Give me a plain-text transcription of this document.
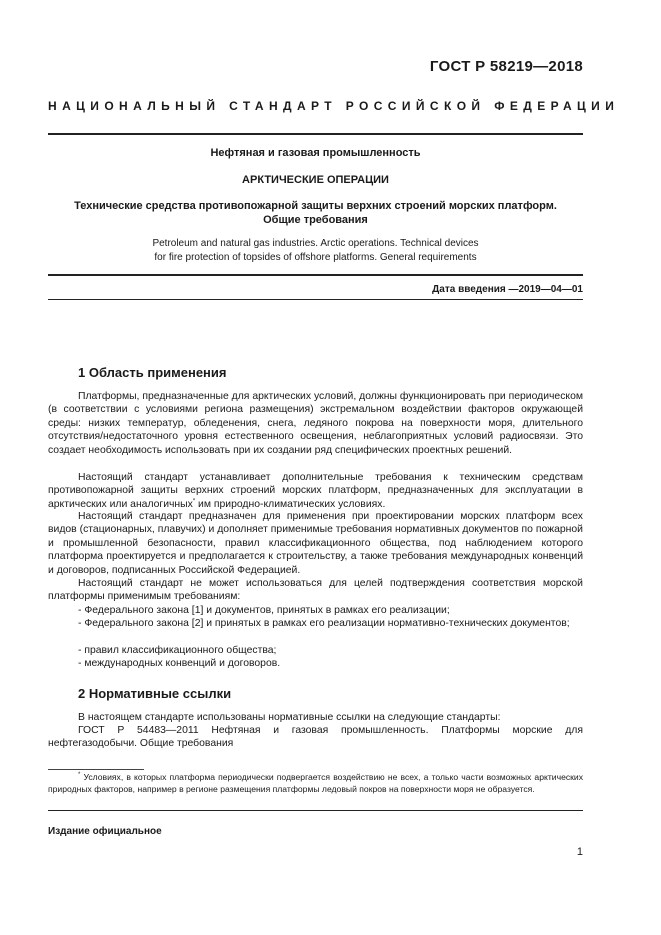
ГОСТ Р 58219—2018
НАЦИОНАЛЬНЫЙ СТАНДАРТ РОССИЙСКОЙ ФЕДЕРАЦИИ
Нефтяная и газовая промышленность
АРКТИЧЕСКИЕ ОПЕРАЦИИ
Технические средства противопожарной защиты верхних строений морских платформ.
Общие требования
Petroleum and natural gas industries. Arctic operations. Technical devices
for fire protection of topsides of offshore platforms. General requirements
Дата введения —2019—04—01
1 Область применения

Платформы, предназначенные для арктических условий, должны функционировать при периодическом (в соответствии с условиями региона размещения) экстремальном воздействии факторов окружающей среды: низких температур, обледенения, снега, ледяного покрова на поверхности моря, длительного отсутствия/недостаточного уровня естественного освещения, неблагоприятных условий радиосвязи. Это создает необходимость использовать при их создании ряд специфических проектных решений.

Настоящий стандарт устанавливает дополнительные требования к техническим средствам противопожарной защиты верхних строений морских платформ, предназначенных для эксплуатации в арктических или аналогичных* им природно-климатических условиях.

Настоящий стандарт предназначен для применения при проектировании морских платформ всех видов (стационарных, плавучих) и дополняет применимые требования нормативных документов по пожарной и промышленной безопасности, правил классификационного общества, под наблюдением которого платформа проектируется и предполагается к строительству, а также требования международных конвенций и договоров, подписанных Российской Федерацией.

Настоящий стандарт не может использоваться для целей подтверждения соответствия морской платформы применимым требованиям:

- Федерального закона [1] и документов, принятых в рамках его реализации;
- Федерального закона [2] и принятых в рамках его реализации нормативно-технических документов;
- правил классификационного общества;
- международных конвенций и договоров.
2 Нормативные ссылки

В настоящем стандарте использованы нормативные ссылки на следующие стандарты:

ГОСТ Р 54483—2011 Нефтяная и газовая промышленность. Платформы морские для нефтегазодобычи. Общие требования

* Условиях, в которых платформа периодически подвергается воздействию не всех, а только части возможных арктических природных факторов, например в регионе размещения платформы ледовый покров на поверхности моря не образуется.

Издание официальное
1
